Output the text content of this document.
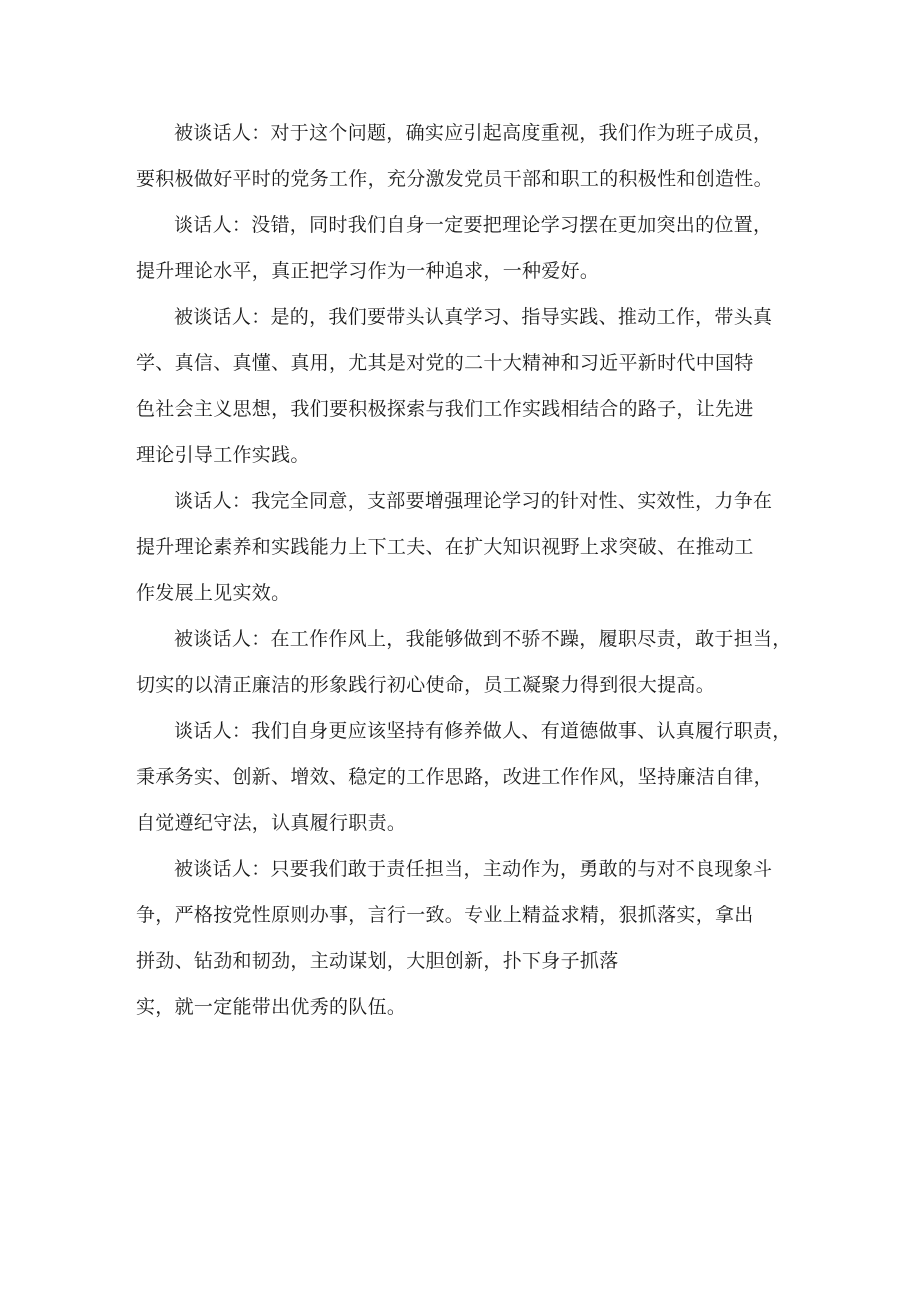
被谈话人：对于这个问题，确实应引起高度重视，我们作为班子成员，
要积极做好平时的党务工作，充分激发党员干部和职工的积极性和创造性。

谈话人：没错，同时我们自身一定要把理论学习摆在更加突出的位置，
提升理论水平，真正把学习作为一种追求，一种爱好。

被谈话人：是的，我们要带头认真学习、指导实践、推动工作，带头真
学、真信、真懂、真用，尤其是对党的二十大精神和习近平新时代中国特
色社会主义思想，我们要积极探索与我们工作实践相结合的路子，让先进
理论引导工作实践。

谈话人：我完全同意，支部要增强理论学习的针对性、实效性，力争在
提升理论素养和实践能力上下工夫、在扩大知识视野上求突破、在推动工
作发展上见实效。

被谈话人：在工作作风上，我能够做到不骄不躁，履职尽责，敢于担当，
切实的以清正廉洁的形象践行初心使命，员工凝聚力得到很大提高。

谈话人：我们自身更应该坚持有修养做人、有道德做事、认真履行职责，
秉承务实、创新、增效、稳定的工作思路，改进工作作风，坚持廉洁自律，
自觉遵纪守法，认真履行职责。

被谈话人：只要我们敢于责任担当，主动作为，勇敢的与对不良现象斗
争，严格按党性原则办事，言行一致。专业上精益求精，狠抓落实，拿出
拼劲、钻劲和韧劲，主动谋划，大胆创新，扑下身子抓落
实，就一定能带出优秀的队伍。
